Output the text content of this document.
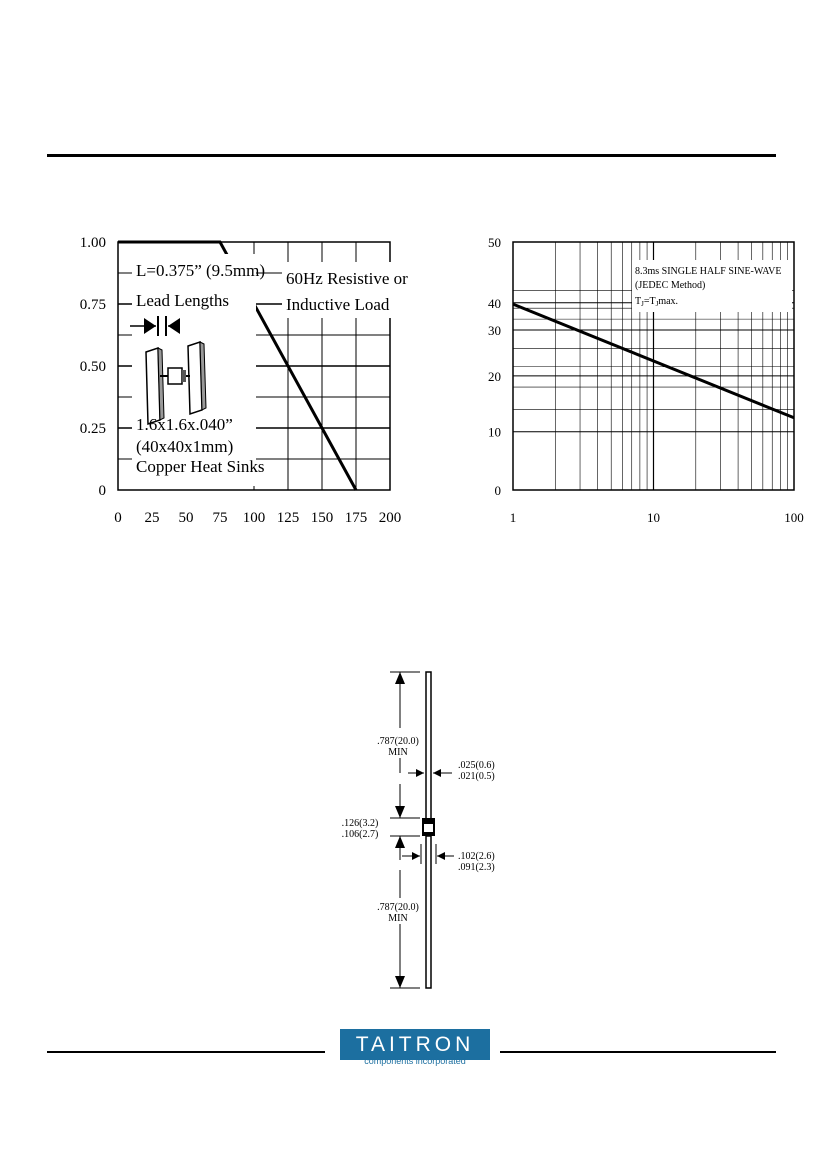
0 25 50 75 100 125 150 175 200
0
0.25
0.50
0.75
1.00
L=0.375” (9.5mm)
Lead Lengths
1.6x1.6x.040”
(40x40x1mm)
Copper Heat Sinks
60Hz Resistive or
Inductive Load
1	10	100
0
10
20
30
40
50
8.3ms SINGLE HALF SINE-WAVE
(JEDEC Method)
$T_J=T_J\max$.
.787(20.0)
MIN
.025(0.6)
.021(0.5)
.126(3.2)
.106(2.7)
.102(2.6)
.091(2.3)
.787(20.0)
MIN
TAITRON
components incorporated
